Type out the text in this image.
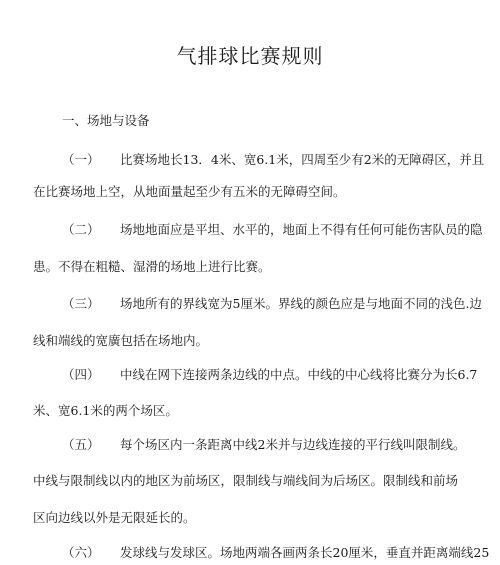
气排球比赛规则
一、场地与设备
（一） 比赛场地长13．4米、宽6.1米，四周至少有2米的无障碍区，并且
在比赛场地上空，从地面量起至少有五米的无障碍空间。
（二） 场地地面应是平坦、水平的，地面上不得有任何可能伤害队员的隐
患。不得在粗糙、湿滑的场地上进行比赛。
（三） 场地所有的界线宽为5厘米。界线的颜色应是与地面不同的浅色.边
线和端线的宽廣包括在场地内。
（四） 中线在网下连接两条边线的中点。中线的中心线将比赛分为长6.7
米、宽6.1米的两个场区。
（五） 每个场区内一条距离中线2米并与边线连接的平行线叫限制线。
中线与限制线以内的地区为前场区，限制线与端线间为后场区。限制线和前场
区向边线以外是无限延长的。
（六） 发球线与发球区。场地两端各画两条长20厘米，垂直并距离端线25
